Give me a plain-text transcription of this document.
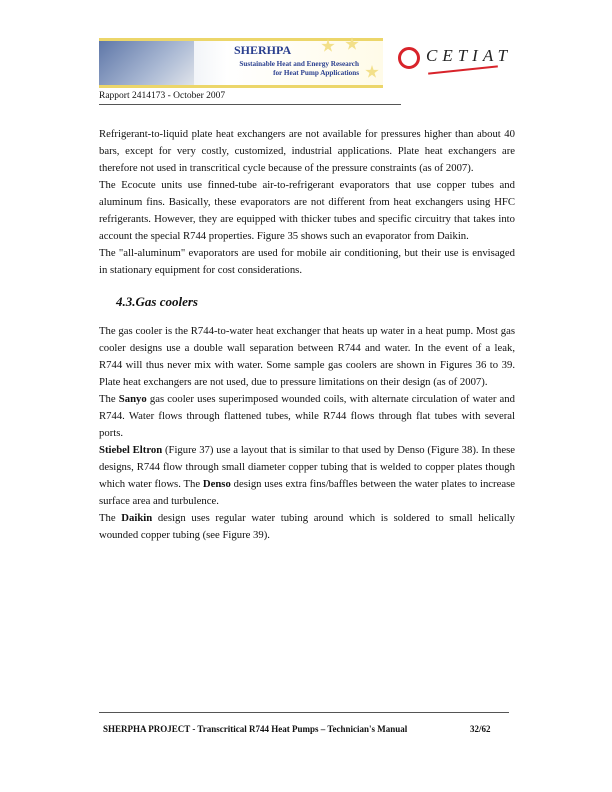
SHERHPA
Sustainable Heat and Energy Research
for Heat Pump Applications
CETIAT
Rapport 2414173 - October 2007

Refrigerant-to-liquid plate heat exchangers are not available for pressures higher than about 40 bars, except for very costly, customized, industrial applications. Plate heat exchangers are therefore not used in transcritical cycle because of the pressure constraints (as of 2007).

The Ecocute units use finned-tube air-to-refrigerant evaporators that use copper tubes and aluminum fins. Basically, these evaporators are not different from heat exchangers using HFC refrigerants. However, they are equipped with thicker tubes and specific circuitry that takes into account the special R744 properties. Figure 35 shows such an evaporator from Daikin.

The "all-aluminum" evaporators are used for mobile air conditioning, but their use is envisaged in stationary equipment for cost considerations.

4.3.Gas coolers

The gas cooler is the R744-to-water heat exchanger that heats up water in a heat pump. Most gas cooler designs use a double wall separation between R744 and water. In the event of a leak, R744 will thus never mix with water. Some sample gas coolers are shown in Figures 36 to 39. Plate heat exchangers are not used, due to pressure limitations on their design (as of 2007).

The Sanyo gas cooler uses superimposed wounded coils, with alternate circulation of water and R744. Water flows through flattened tubes, while R744 flows through flat tubes with several ports.

Stiebel Eltron (Figure 37) use a layout that is similar to that used by Denso (Figure 38). In these designs, R744 flow through small diameter copper tubing that is welded to copper plates though which water flows. The Denso design uses extra fins/baffles between the water plates to increase surface area and turbulence.

The Daikin design uses regular water tubing around which is soldered to small helically wounded copper tubing (see Figure 39).

SHERPHA PROJECT - Transcritical R744 Heat Pumps – Technician's Manual	32/62
